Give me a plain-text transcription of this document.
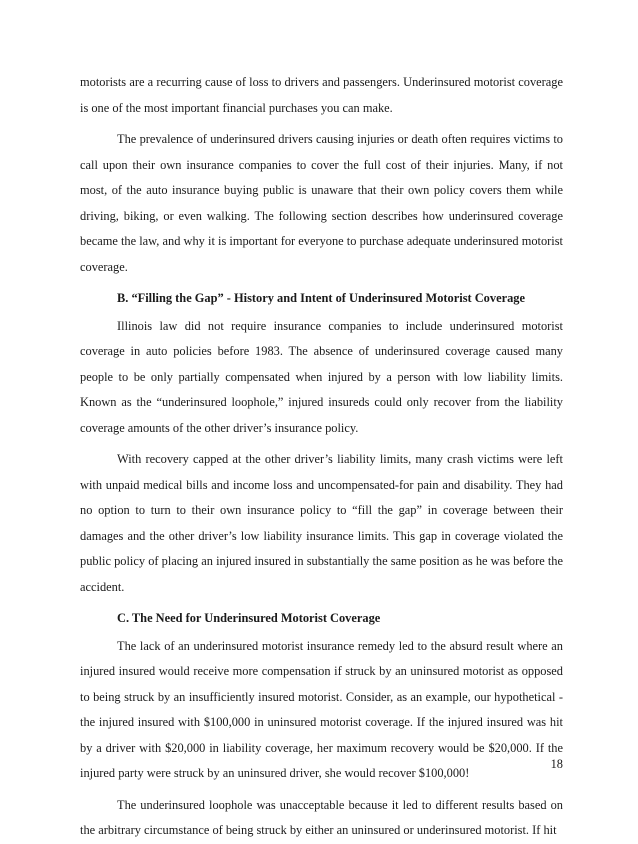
motorists are a recurring cause of loss to drivers and passengers. Underinsured motorist coverage is one of the most important financial purchases you can make.

The prevalence of underinsured drivers causing injuries or death often requires victims to call upon their own insurance companies to cover the full cost of their injuries. Many, if not most, of the auto insurance buying public is unaware that their own policy covers them while driving, biking, or even walking. The following section describes how underinsured coverage became the law, and why it is important for everyone to purchase adequate underinsured motorist coverage.

B. “Filling the Gap” - History and Intent of Underinsured Motorist Coverage

Illinois law did not require insurance companies to include underinsured motorist coverage in auto policies before 1983. The absence of underinsured coverage caused many people to be only partially compensated when injured by a person with low liability limits. Known as the “underinsured loophole,” injured insureds could only recover from the liability coverage amounts of the other driver’s insurance policy.

With recovery capped at the other driver’s liability limits, many crash victims were left with unpaid medical bills and income loss and uncompensated-for pain and disability. They had no option to turn to their own insurance policy to “fill the gap” in coverage between their damages and the other driver’s low liability insurance limits. This gap in coverage violated the public policy of placing an injured insured in substantially the same position as he was before the accident.

C. The Need for Underinsured Motorist Coverage

The lack of an underinsured motorist insurance remedy led to the absurd result where an injured insured would receive more compensation if struck by an uninsured motorist as opposed to being struck by an insufficiently insured motorist. Consider, as an example, our hypothetical - the injured insured with $100,000 in uninsured motorist coverage. If the injured insured was hit by a driver with $20,000 in liability coverage, her maximum recovery would be $20,000. If the injured party were struck by an uninsured driver, she would recover $100,000!

The underinsured loophole was unacceptable because it led to different results based on the arbitrary circumstance of being struck by either an uninsured or underinsured motorist. If hit

18
